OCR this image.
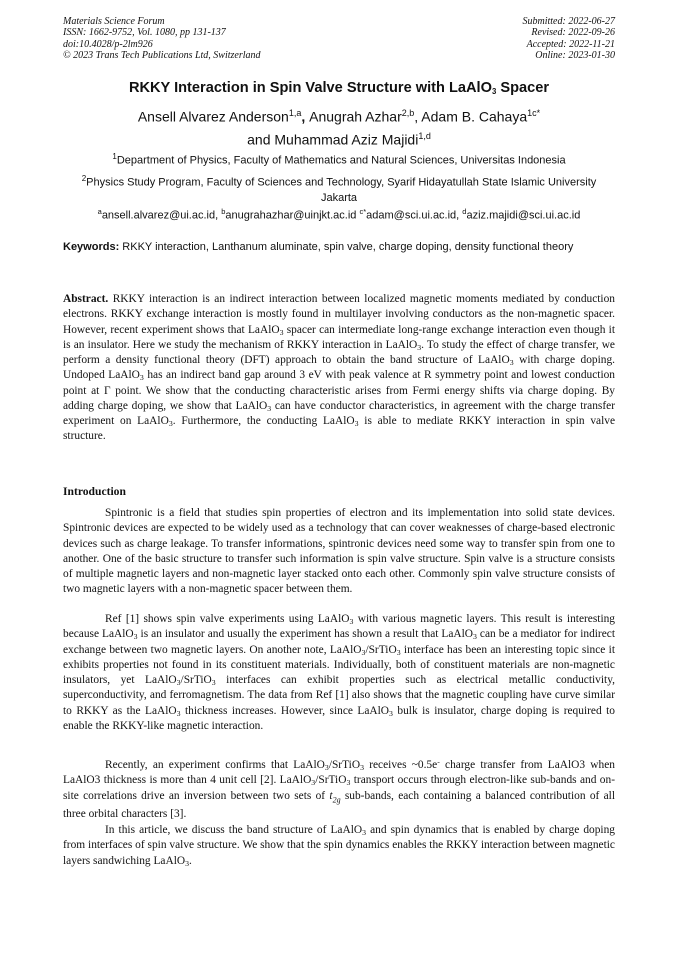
Materials Science Forum
ISSN: 1662-9752, Vol. 1080, pp 131-137
doi:10.4028/p-2lm926
© 2023 Trans Tech Publications Ltd, Switzerland
Submitted: 2022-06-27
Revised: 2022-09-26
Accepted: 2022-11-21
Online: 2023-01-30
RKKY Interaction in Spin Valve Structure with LaAlO$_3$ Spacer
Ansell Alvarez Anderson$^{1,a}$, Anugrah Azhar$^{2,b}$, Adam B. Cahaya$^{1c*}$
and Muhammad Aziz Majidi$^{1,d}$
$^1$Department of Physics, Faculty of Mathematics and Natural Sciences, Universitas Indonesia
$^2$Physics Study Program, Faculty of Sciences and Technology, Syarif Hidayatullah State Islamic University Jakarta
$^a$ansell.alvarez@ui.ac.id, $^b$anugrahazhar@uinjkt.ac.id $^{c*}$adam@sci.ui.ac.id, $^d$aziz.majidi@sci.ui.ac.id
Keywords: RKKY interaction, Lanthanum aluminate, spin valve, charge doping, density functional theory
Abstract. RKKY interaction is an indirect interaction between localized magnetic moments mediated by conduction electrons. RKKY exchange interaction is mostly found in multilayer involving conductors as the non-magnetic spacer. However, recent experiment shows that LaAlO$_3$ spacer can intermediate long-range exchange interaction even though it is an insulator. Here we study the mechanism of RKKY interaction in LaAlO$_3$. To study the effect of charge transfer, we perform a density functional theory (DFT) approach to obtain the band structure of LaAlO$_3$ with charge doping. Undoped LaAlO$_3$ has an indirect band gap around 3 eV with peak valence at R symmetry point and lowest conduction point at Γ point. We show that the conducting characteristic arises from Fermi energy shifts via charge doping. By adding charge doping, we show that LaAlO$_3$ can have conductor characteristics, in agreement with the charge transfer experiment on LaAlO$_3$. Furthermore, the conducting LaAlO$_3$ is able to mediate RKKY interaction in spin valve structure.
Introduction
Spintronic is a field that studies spin properties of electron and its implementation into solid state devices. Spintronic devices are expected to be widely used as a technology that can cover weaknesses of charge-based electronic devices such as charge leakage. To transfer informations, spintronic devices need some way to transfer spin from one to another. One of the basic structure to transfer such information is spin valve structure. Spin valve is a structure consists of multiple magnetic layers and non-magnetic layer stacked onto each other. Commonly spin valve structure consists of two magnetic layers with a non-magnetic spacer between them.
Ref [1] shows spin valve experiments using LaAlO$_3$ with various magnetic layers. This result is interesting because LaAlO$_3$ is an insulator and usually the experiment has shown a result that LaAlO$_3$ can be a mediator for indirect exchange between two magnetic layers. On another note, LaAlO$_3$/SrTiO$_3$ interface has been an interesting topic since it exhibits properties not found in its constituent materials. Individually, both of constituent materials are non-magnetic insulators, yet LaAlO$_3$/SrTiO$_3$ interfaces can exhibit properties such as electrical metallic conductivity, superconductivity, and ferromagnetism. The data from Ref [1] also shows that the magnetic coupling have curve similar to RKKY as the LaAlO$_3$ thickness increases. However, since LaAlO$_3$ bulk is insulator, charge doping is required to enable the RKKY-like magnetic interaction.
Recently, an experiment confirms that LaAlO$_3$/SrTiO$_3$ receives ~0.5e- charge transfer from LaAlO3 when LaAlO3 thickness is more than 4 unit cell [2]. LaAlO$_3$/SrTiO$_3$ transport occurs through electron-like sub-bands and on-site correlations drive an inversion between two sets of $t_{2g}$ sub-bands, each containing a balanced contribution of all three orbital characters [3].
In this article, we discuss the band structure of LaAlO$_3$ and spin dynamics that is enabled by charge doping from interfaces of spin valve structure. We show that the spin dynamics enables the RKKY interaction between magnetic layers sandwiching LaAlO$_3$.
